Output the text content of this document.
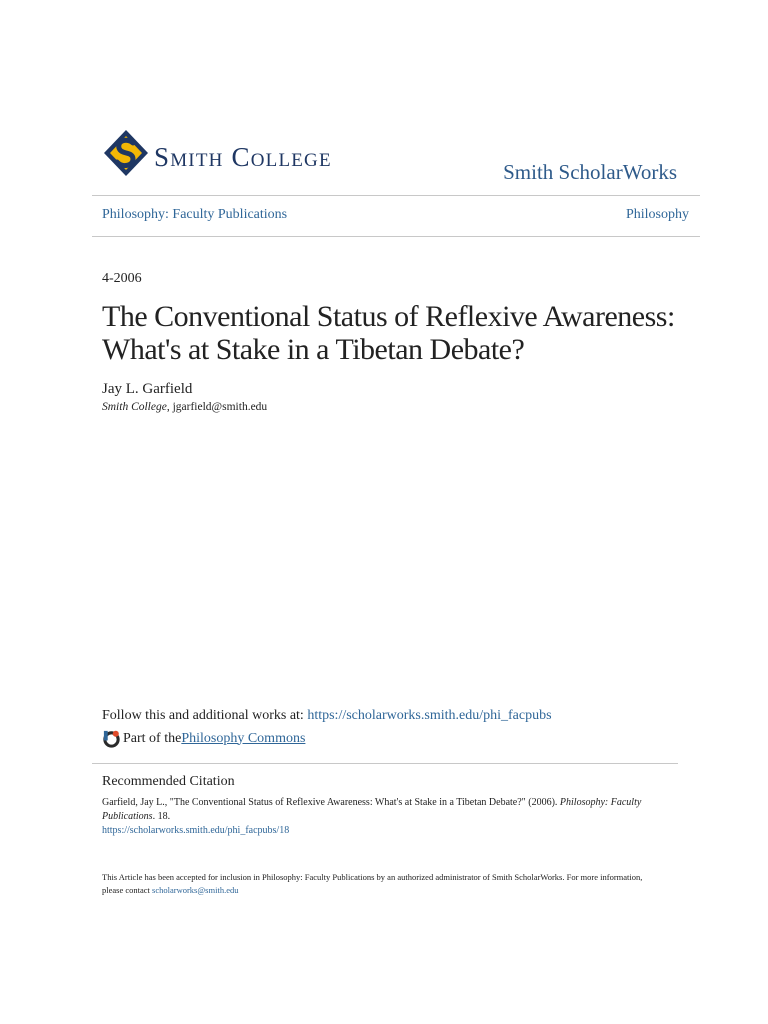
Smith College	Smith ScholarWorks
Philosophy: Faculty Publications	Philosophy
4-2006
The Conventional Status of Reflexive Awareness:
What's at Stake in a Tibetan Debate?
Jay L. Garfield
Smith College, jgarfield@smith.edu
Follow this and additional works at: https://scholarworks.smith.edu/phi_facpubs
Part of the Philosophy Commons
Recommended Citation
Garfield, Jay L., "The Conventional Status of Reflexive Awareness: What's at Stake in a Tibetan Debate?" (2006). Philosophy: Faculty Publications. 18.
https://scholarworks.smith.edu/phi_facpubs/18
This Article has been accepted for inclusion in Philosophy: Faculty Publications by an authorized administrator of Smith ScholarWorks. For more information, please contact scholarworks@smith.edu
